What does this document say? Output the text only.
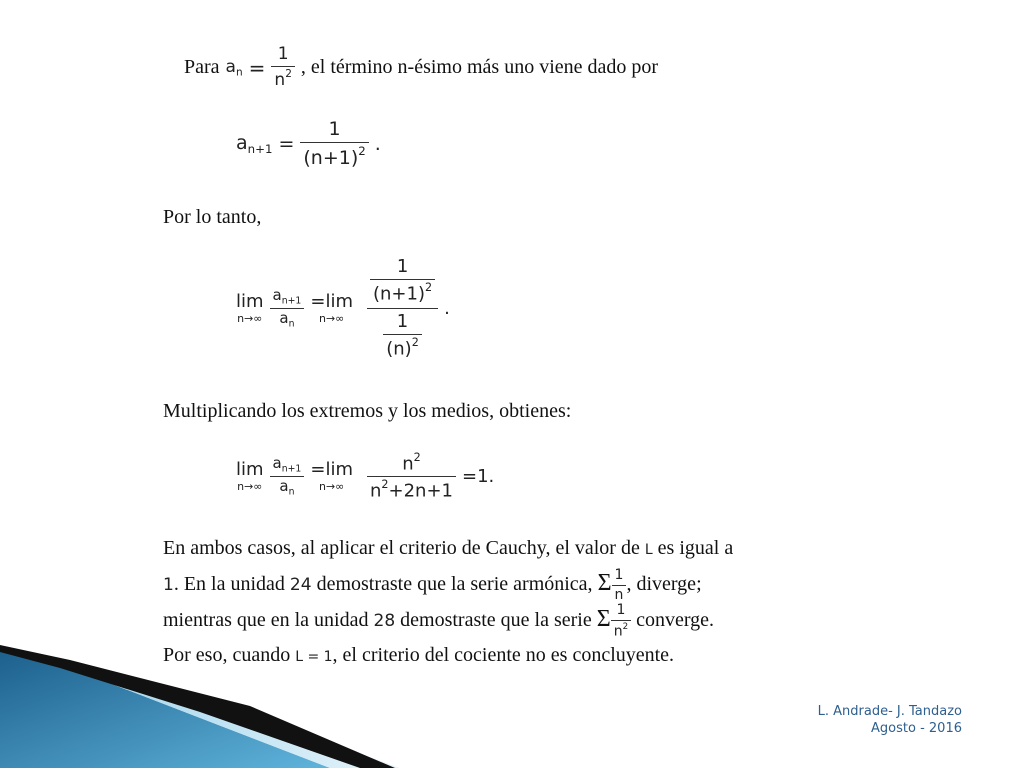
Para $a_n = \frac{1}{n^2}$ , el término n-ésimo más uno viene dado por
$a_{n+1} = \frac{1}{(n+1)^2}$ .
Por lo tanto,
lim
$n\to\infty \frac{a_{n+1}}{a_n} =\lim$
$n\to\infty \frac{\frac{1}{(n+1)^2}}{\frac{1}{(n)^2}}$ .
Multiplicando los extremos y los medios, obtienes:
lim
$n\to\infty \frac{a_{n+1}}{a_n} =\lim$
$n\to\infty \frac{n^2}{n^2+2n+1} =1$.
En ambos casos, al aplicar el criterio de Cauchy, el valor de L es igual a
1. En la unidad 24 demostraste que la serie armónica, Σ $\frac{1}{n}$ , diverge;
mientras que en la unidad 28 demostraste que la serie Σ $\frac{1}{n^2}$ converge.
Por eso, cuando L = 1, el criterio del cociente no es concluyente.
L. Andrade- J. Tandazo
Agosto - 2016
